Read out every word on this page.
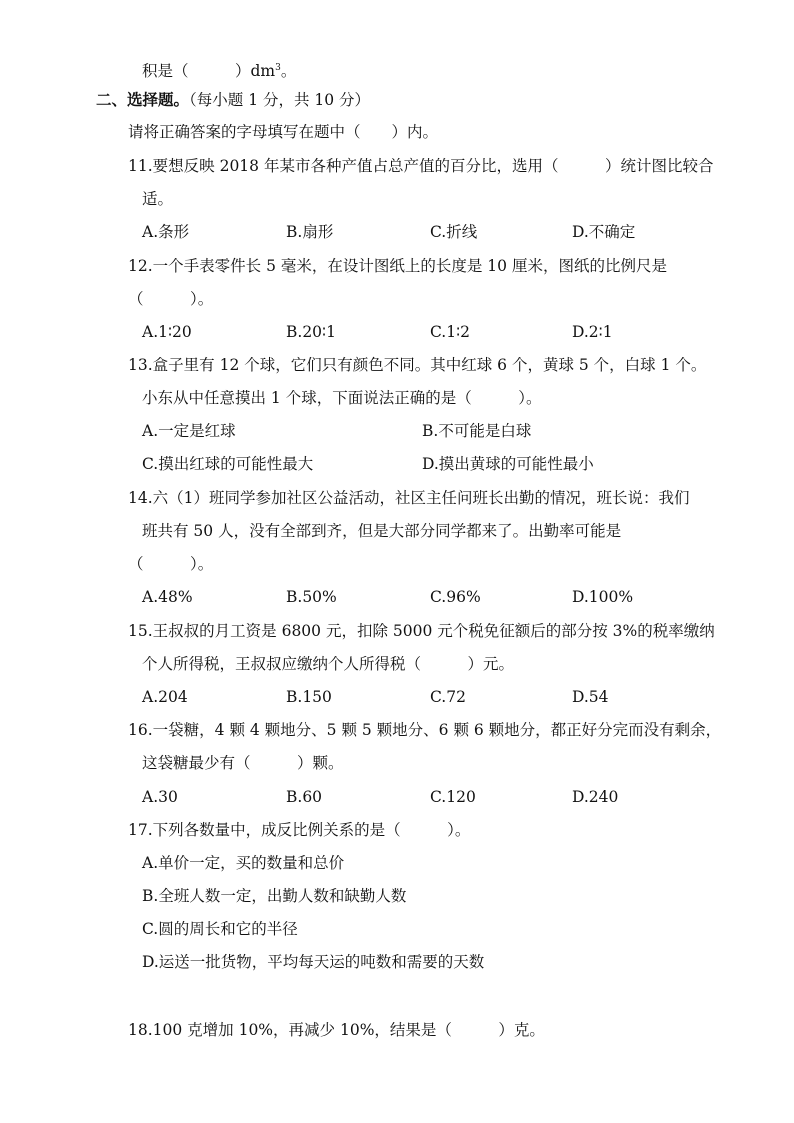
积是（　　　）$dm^3$。
二、选择题。（每小题 1 分，共 10 分）
请将正确答案的字母填写在题中（　　）内。
11.要想反映 2018 年某市各种产值占总产值的百分比，选用（　　　）统计图比较合
适。
A.条形	B.扇形	C.折线	D.不确定
12.一个手表零件长 5 毫米，在设计图纸上的长度是 10 厘米，图纸的比例尺是
（　　　）。
A.1∶20	B.20∶1	C.1∶2	D.2∶1
13.盒子里有 12 个球，它们只有颜色不同。其中红球 6 个，黄球 5 个，白球 1 个。
小东从中任意摸出 1 个球，下面说法正确的是（　　　）。
A.一定是红球	B.不可能是白球
C.摸出红球的可能性最大	D.摸出黄球的可能性最小
14.六（1）班同学参加社区公益活动，社区主任问班长出勤的情况，班长说：我们
班共有 50 人，没有全部到齐，但是大部分同学都来了。出勤率可能是
（　　　）。
A.48%	B.50%	C.96%	D.100%
15.王叔叔的月工资是 6800 元，扣除 5000 元个税免征额后的部分按 3%的税率缴纳
个人所得税，王叔叔应缴纳个人所得税（　　　）元。
A.204	B.150	C.72	D.54
16.一袋糖，4 颗 4 颗地分、5 颗 5 颗地分、6 颗 6 颗地分，都正好分完而没有剩余，
这袋糖最少有（　　　）颗。
A.30	B.60	C.120	D.240
17.下列各数量中，成反比例关系的是（　　　）。
A.单价一定，买的数量和总价
B.全班人数一定，出勤人数和缺勤人数
C.圆的周长和它的半径
D.运送一批货物，平均每天运的吨数和需要的天数
18.100 克增加 10%，再减少 10%，结果是（　　　）克。
